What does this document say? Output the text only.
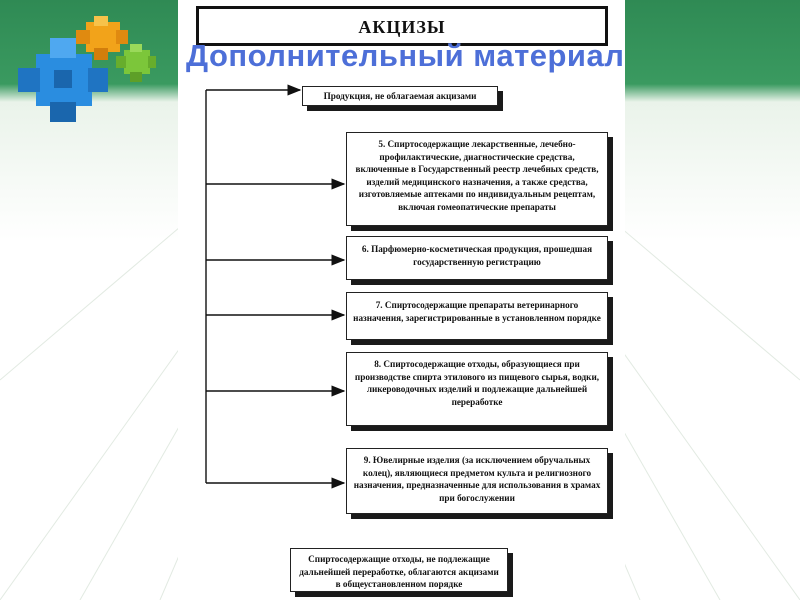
АКЦИЗЫ
Дополнительный материал
Продукция, не облагаемая акцизами
5. Спиртосодержащие лекарственные, лечебно-профилактические, диагностические средства, включенные в Государственный реестр лечебных средств, изделий медицинского назначения, а также средства, изготовляемые аптеками по индивидуальным рецептам, включая гомеопатические препараты
6. Парфюмерно-косметическая продукция, прошедшая государственную регистрацию
7. Спиртосодержащие препараты ветеринарного назначения, зарегистрированные в установленном порядке
8. Спиртосодержащие отходы, образующиеся при производстве спирта этилового из пищевого сырья, водки, ликероводочных изделий и подлежащие дальнейшей переработке
9. Ювелирные изделия (за исключением обручальных колец), являющиеся предметом культа и религиозного назначения, предназначенные для использования в храмах при богослужении
Спиртосодержащие отходы, не подлежащие дальнейшей переработке, облагаются акцизами в общеустановленном порядке
